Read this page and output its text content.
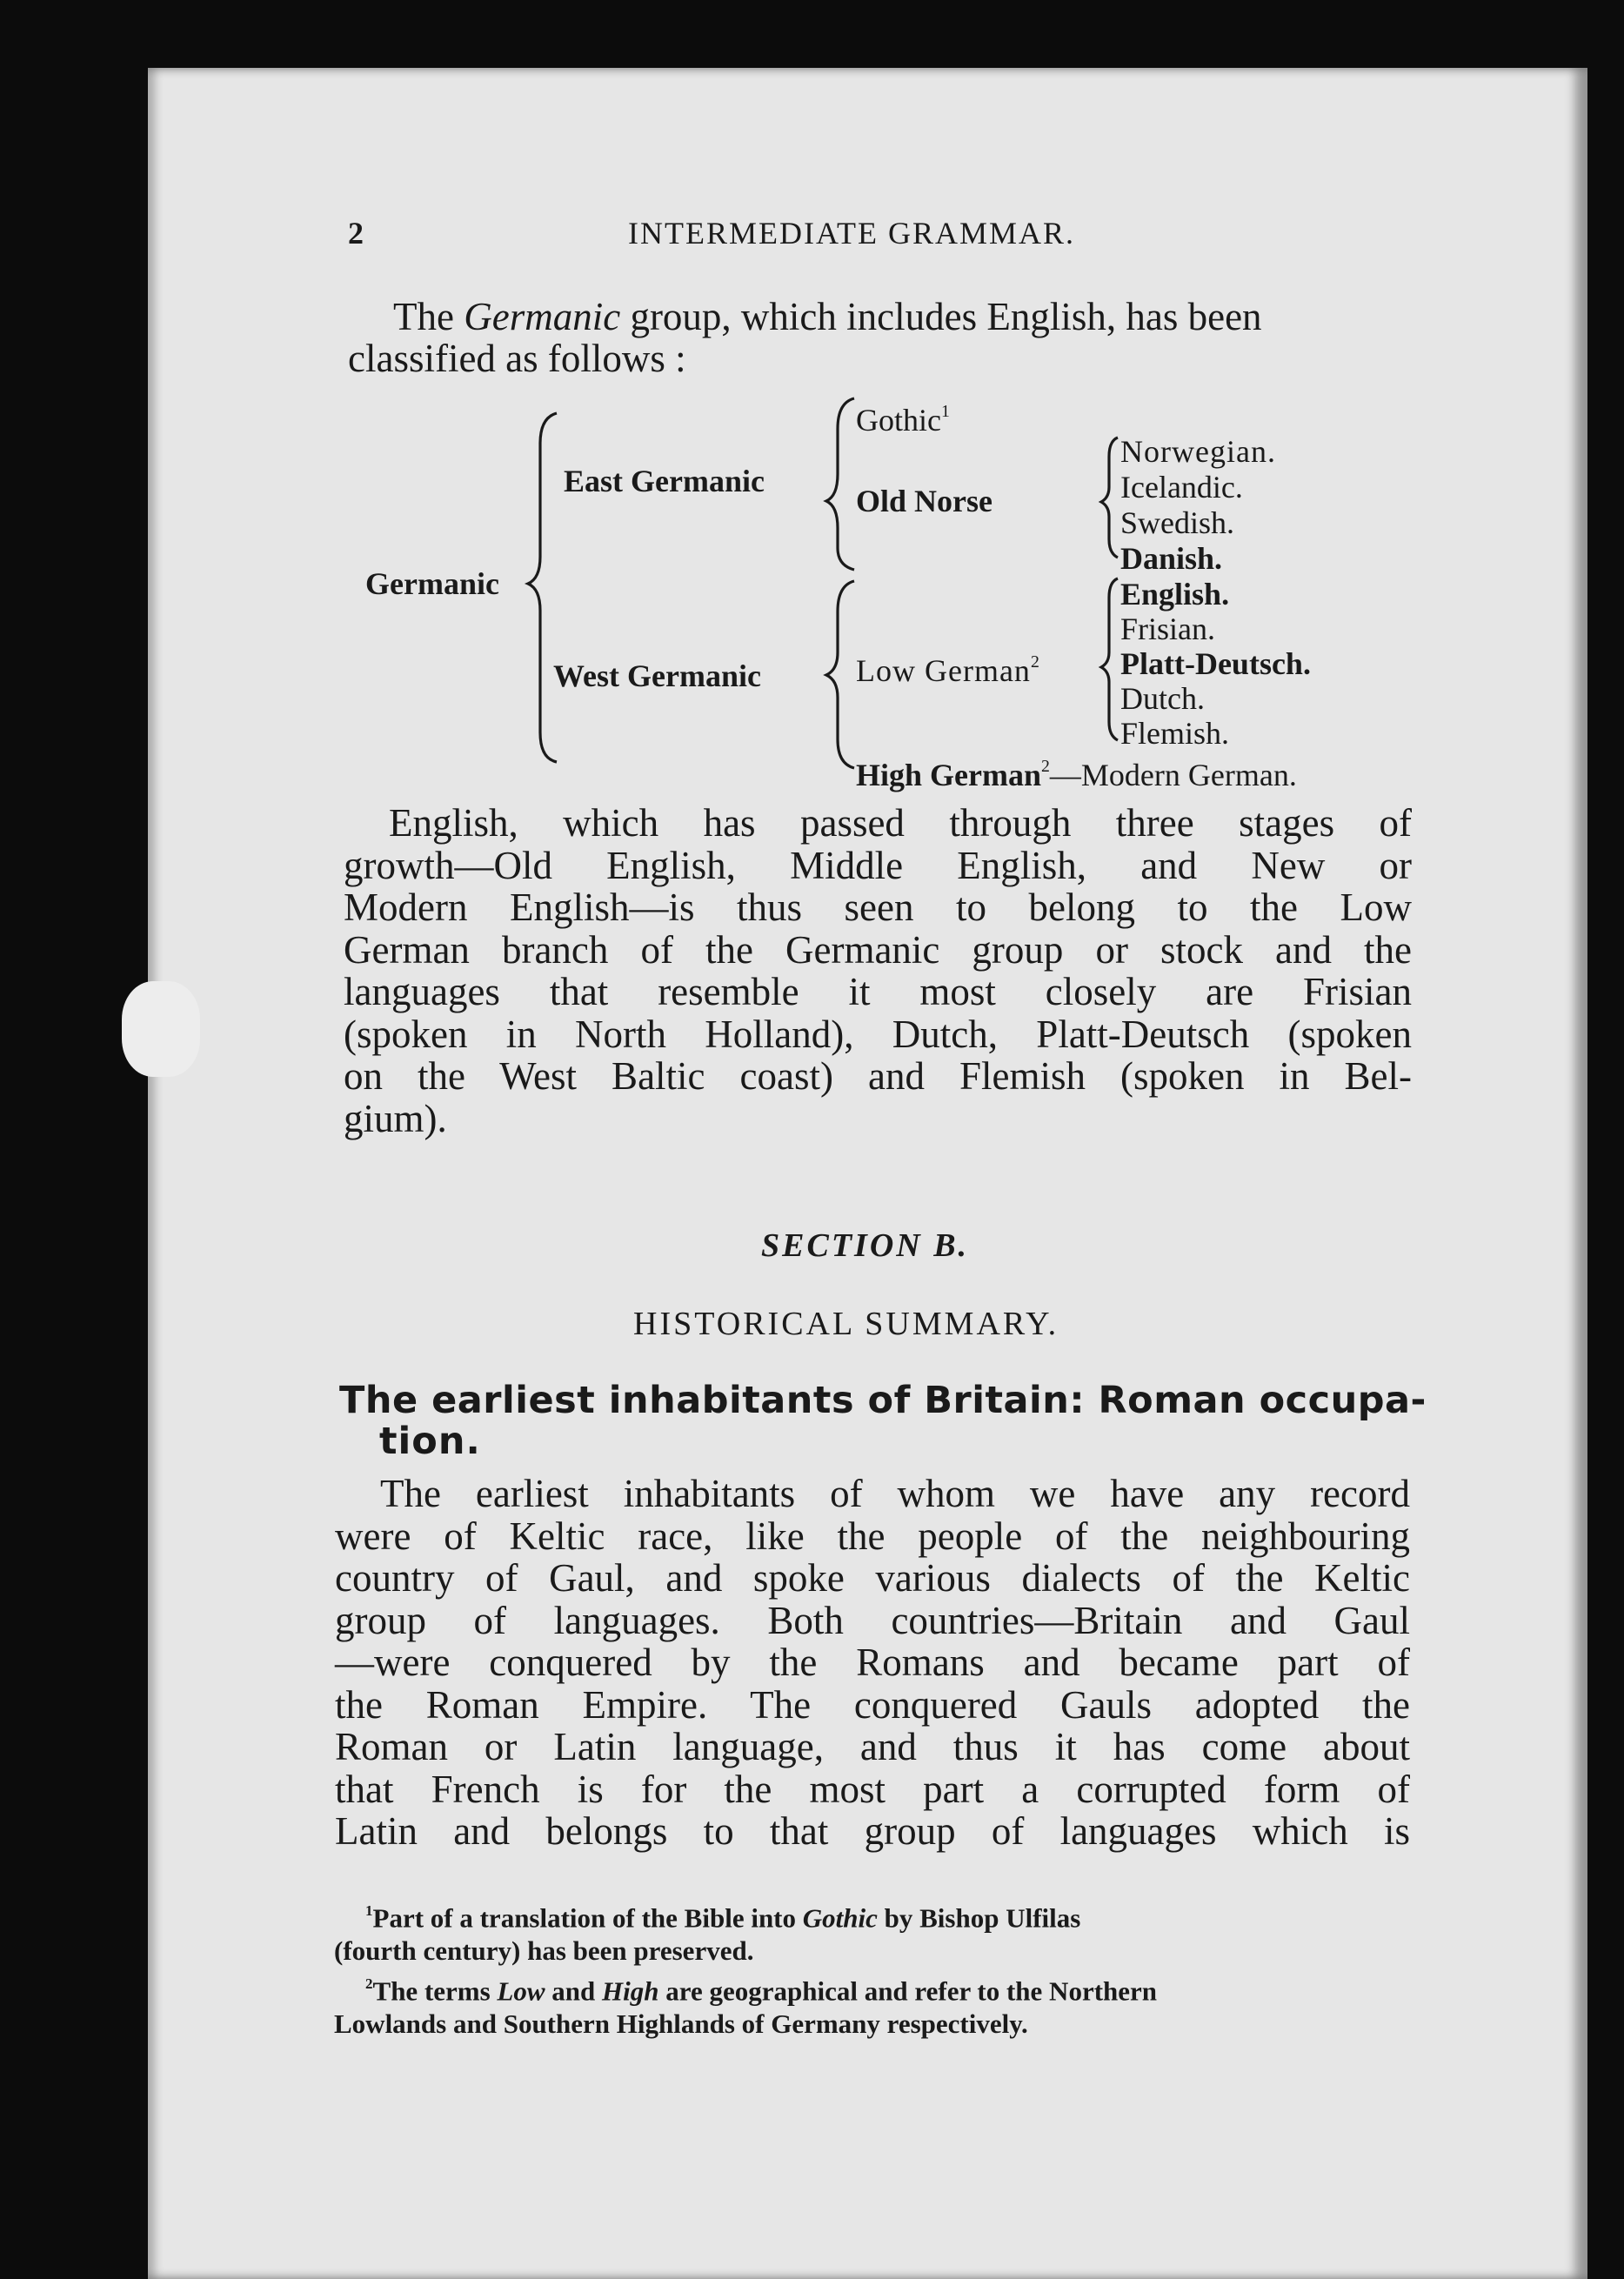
2	INTERMEDIATE GRAMMAR.
The Germanic group, which includes English, has been
classified as follows :
Germanic
East Germanic
West Germanic
Gothic$^1$
Old Norse
Norwegian.
Icelandic.
Swedish.
Danish.
Low German$^2$
English.
Frisian.
Platt-Deutsch.
Dutch.
Flemish.
High German$^2$—Modern German.
English, which has passed through three stages of
growth—Old English, Middle English, and New or
Modern English—is thus seen to belong to the Low
German branch of the Germanic group or stock and the
languages that resemble it most closely are Frisian
(spoken in North Holland), Dutch, Platt-Deutsch (spoken
on the West Baltic coast) and Flemish (spoken in Bel-
gium).
SECTION B.
HISTORICAL SUMMARY.
The earliest inhabitants of Britain: Roman occupa-
tion.
The earliest inhabitants of whom we have any record
were of Keltic race, like the people of the neighbouring
country of Gaul, and spoke various dialects of the Keltic
group of languages. Both countries—Britain and Gaul
—were conquered by the Romans and became part of
the Roman Empire. The conquered Gauls adopted the
Roman or Latin language, and thus it has come about
that French is for the most part a corrupted form of
Latin and belongs to that group of languages which is
$^1$Part of a translation of the Bible into Gothic by Bishop Ulfilas
(fourth century) has been preserved.
$^2$The terms Low and High are geographical and refer to the Northern
Lowlands and Southern Highlands of Germany respectively.
